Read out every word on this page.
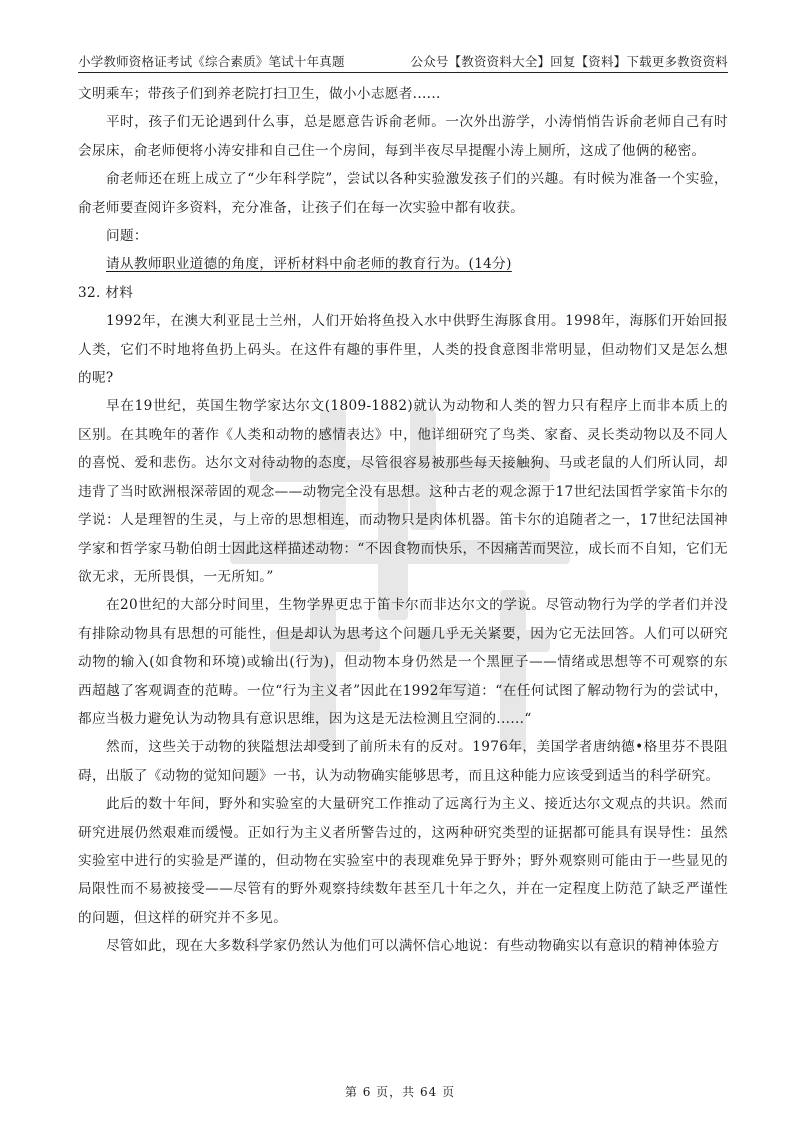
小学教师资格证考试《综合素质》笔试十年真题	公众号【教资资料大全】回复【资料】下载更多教资资料

文明乘车；带孩子们到养老院打扫卫生，做小小志愿者......

平时，孩子们无论遇到什么事，总是愿意告诉俞老师。一次外出游学，小涛悄悄告诉俞老师自己有时会尿床，俞老师便将小涛安排和自己住一个房间，每到半夜尽早提醒小涛上厕所，这成了他俩的秘密。

俞老师还在班上成立了“少年科学院”，尝试以各种实验激发孩子们的兴趣。有时候为准备一个实验，俞老师要查阅许多资料，充分准备，让孩子们在每一次实验中都有收获。

问题：

请从教师职业道德的角度，评析材料中俞老师的教育行为。(14分)

32. 材料

1992年，在澳大利亚昆士兰州，人们开始将鱼投入水中供野生海豚食用。1998年，海豚们开始回报人类，它们不时地将鱼扔上码头。在这件有趣的事件里，人类的投食意图非常明显，但动物们又是怎么想的呢?

早在19世纪，英国生物学家达尔文(1809-1882)就认为动物和人类的智力只有程序上而非本质上的区别。在其晚年的著作《人类和动物的感情表达》中，他详细研究了鸟类、家畜、灵长类动物以及不同人的喜悦、爱和悲伤。达尔文对待动物的态度，尽管很容易被那些每天接触狗、马或老鼠的人们所认同，却违背了当时欧洲根深蒂固的观念——动物完全没有思想。这种古老的观念源于17世纪法国哲学家笛卡尔的学说：人是理智的生灵，与上帝的思想相连，而动物只是肉体机器。笛卡尔的追随者之一，17世纪法国神学家和哲学家马勒伯朗士因此这样描述动物：“不因食物而快乐，不因痛苦而哭泣，成长而不自知，它们无欲无求，无所畏惧，一无所知。”

在20世纪的大部分时间里，生物学界更忠于笛卡尔而非达尔文的学说。尽管动物行为学的学者们并没有排除动物具有思想的可能性，但是却认为思考这个问题几乎无关紧要，因为它无法回答。人们可以研究动物的输入(如食物和环境)或输出(行为)，但动物本身仍然是一个黑匣子——情绪或思想等不可观察的东西超越了客观调查的范畴。一位“行为主义者”因此在1992年写道：“在任何试图了解动物行为的尝试中，都应当极力避免认为动物具有意识思维，因为这是无法检测且空洞的......“

然而，这些关于动物的狭隘想法却受到了前所未有的反对。1976年，美国学者唐纳德•格里芬不畏阻碍，出版了《动物的觉知问题》一书，认为动物确实能够思考，而且这种能力应该受到适当的科学研究。

此后的数十年间，野外和实验室的大量研究工作推动了远离行为主义、接近达尔文观点的共识。然而研究进展仍然艰难而缓慢。正如行为主义者所警告过的，这两种研究类型的证据都可能具有误导性：虽然实验室中进行的实验是严谨的，但动物在实验室中的表现难免异于野外；野外观察则可能由于一些显见的局限性而不易被接受——尽管有的野外观察持续数年甚至几十年之久，并在一定程度上防范了缺乏严谨性的问题，但这样的研究并不多见。

尽管如此，现在大多数科学家仍然认为他们可以满怀信心地说：有些动物确实以有意识的精神体验方

第 6 页，共 64 页
